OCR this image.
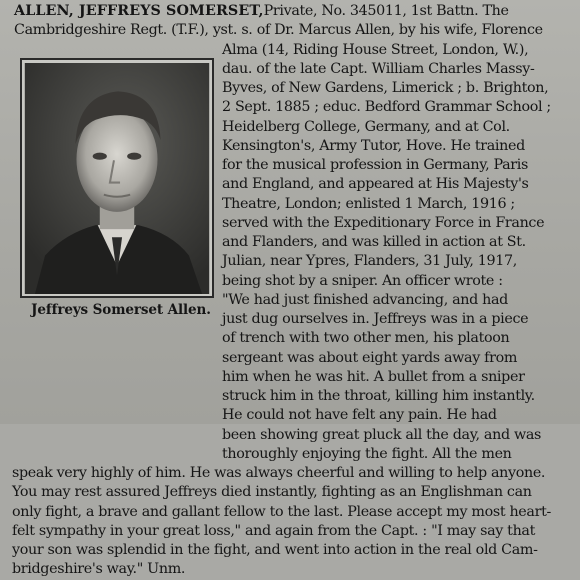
Jeffreys Somerset Allen.
ALLEN, JEFFREYS SOMERSET,Private, No. 345011, 1st Battn. The
Cambridgeshire Regt. (T.F.), yst. s. of Dr. Marcus Allen, by his wife, Florence
Alma (14, Riding House Street, London, W.),
dau. of the late Capt. William Charles Massy-
Byves, of New Gardens, Limerick ; b. Brighton,
2 Sept. 1885 ; educ. Bedford Grammar School ;
Heidelberg College, Germany, and at Col.
Kensington's, Army Tutor, Hove. He trained
for the musical profession in Germany, Paris
and England, and appeared at His Majesty's
Theatre, London; enlisted 1 March, 1916 ;
served with the Expeditionary Force in France
and Flanders, and was killed in action at St.
Julian, near Ypres, Flanders, 31 July, 1917,
being shot by a sniper. An officer wrote :
"We had just finished advancing, and had
just dug ourselves in. Jeffreys was in a piece
of trench with two other men, his platoon
sergeant was about eight yards away from
him when he was hit. A bullet from a sniper
struck him in the throat, killing him instantly.
He could not have felt any pain. He had
been showing great pluck all the day, and was
thoroughly enjoying the fight. All the men
speak very highly of him. He was always cheerful and willing to help anyone.
You may rest assured Jeffreys died instantly, fighting as an Englishman can
only fight, a brave and gallant fellow to the last. Please accept my most heart-
felt sympathy in your great loss," and again from the Capt. : "I may say that
your son was splendid in the fight, and went into action in the real old Cam-
bridgeshire's way." Unm.
